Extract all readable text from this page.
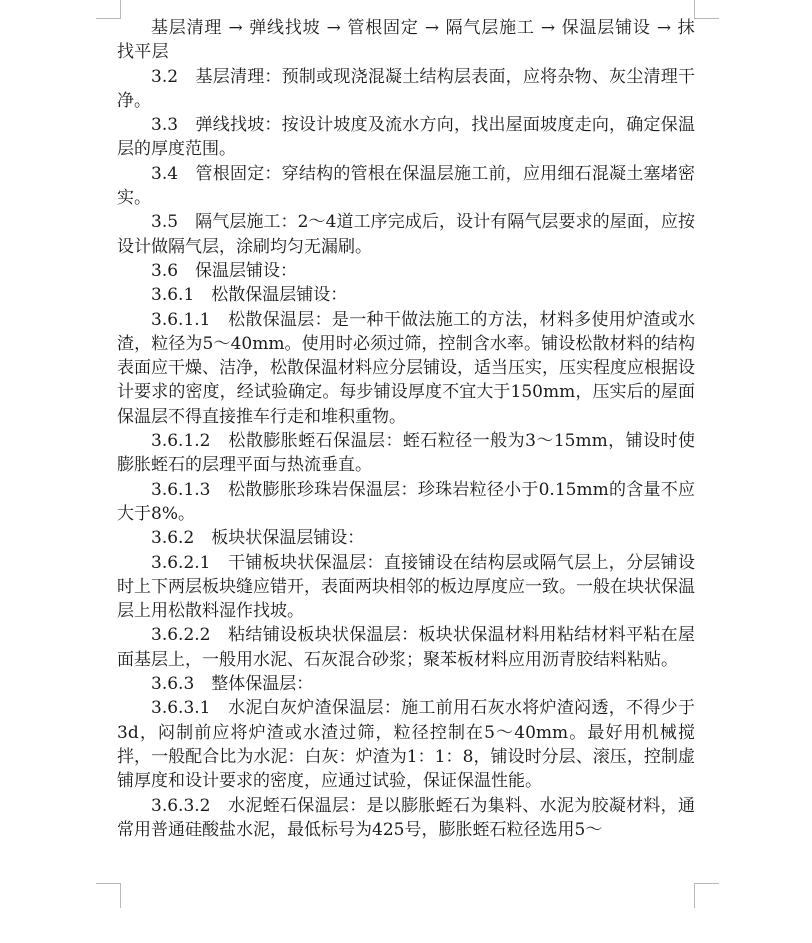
基层清理 → 弹线找坡 → 管根固定 → 隔气层施工 → 保温层铺设 → 抹找平层

3.2　基层清理：预制或现浇混凝土结构层表面，应将杂物、灰尘清理干净。

3.3　弹线找坡：按设计坡度及流水方向，找出屋面坡度走向，确定保温层的厚度范围。

3.4　管根固定：穿结构的管根在保温层施工前，应用细石混凝土塞堵密实。

3.5　隔气层施工：2～4道工序完成后，设计有隔气层要求的屋面，应按设计做隔气层，涂刷均匀无漏刷。

3.6　保温层铺设：

3.6.1　松散保温层铺设：

3.6.1.1　松散保温层：是一种干做法施工的方法，材料多使用炉渣或水渣，粒径为5～40mm。使用时必须过筛，控制含水率。铺设松散材料的结构表面应干燥、洁净，松散保温材料应分层铺设，适当压实，压实程度应根据设计要求的密度，经试验确定。每步铺设厚度不宜大于150mm，压实后的屋面保温层不得直接推车行走和堆积重物。

3.6.1.2　松散膨胀蛭石保温层：蛭石粒径一般为3～15mm，铺设时使膨胀蛭石的层理平面与热流垂直。

3.6.1.3　松散膨胀珍珠岩保温层：珍珠岩粒径小于0.15mm的含量不应大于8%。

3.6.2　板块状保温层铺设：

3.6.2.1　干铺板块状保温层：直接铺设在结构层或隔气层上，分层铺设时上下两层板块缝应错开，表面两块相邻的板边厚度应一致。一般在块状保温层上用松散料湿作找坡。

3.6.2.2　粘结铺设板块状保温层：板块状保温材料用粘结材料平粘在屋面基层上，一般用水泥、石灰混合砂浆；聚苯板材料应用沥青胶结料粘贴。

3.6.3　整体保温层：

3.6.3.1　水泥白灰炉渣保温层：施工前用石灰水将炉渣闷透，不得少于3d，闷制前应将炉渣或水渣过筛，粒径控制在5～40mm。最好用机械搅拌，一般配合比为水泥：白灰：炉渣为1：1：8，铺设时分层、滚压，控制虚铺厚度和设计要求的密度，应通过试验，保证保温性能。

3.6.3.2　水泥蛭石保温层：是以膨胀蛭石为集料、水泥为胶凝材料，通常用普通硅酸盐水泥，最低标号为425号，膨胀蛭石粒径选用5～
